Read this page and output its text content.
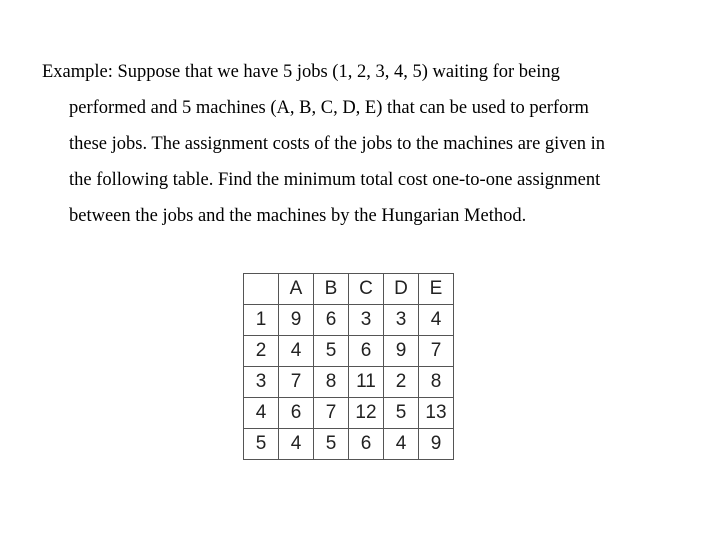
Example: Suppose that we have 5 jobs (1, 2, 3, 4, 5) waiting for being
performed and 5 machines (A, B, C, D, E) that can be used to perform
these jobs. The assignment costs of the jobs to the machines are given in
the following table. Find the minimum total cost one-to-one assignment
between the jobs and the machines by the Hungarian Method.
	A	B	C	D	E
1	9	6	3	3	4
2	4	5	6	9	7
3	7	8	11	2	8
4	6	7	12	5	13
5	4	5	6	4	9
